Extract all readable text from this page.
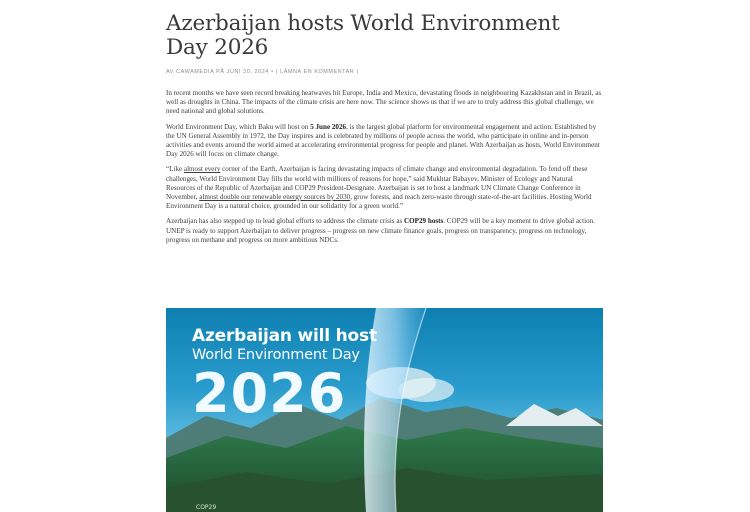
Azerbaijan hosts World Environment Day 2026
AV CAWAMEDIA PÅ JUNI 30, 2024 • ( LÄMNA EN KOMMENTAR )

In recent months we have seen record breaking heatwaves hit Europe, India and Mexico, devastating floods in neighbouring Kazakhstan and in Brazil, as well as droughts in China. The impacts of the climate crisis are here now. The science shows us that if we are to truly address this global challenge, we need national and global solutions.

World Environment Day, which Baku will host on 5 June 2026, is the largest global platform for environmental engagement and action. Established by the UN General Assembly in 1972, the Day inspires and is celebrated by millions of people across the world, who participate in online and in-person activities and events around the world aimed at accelerating environmental progress for people and planet. With Azerbaijan as hosts, World Environment Day 2026 will focus on climate change.

“Like almost every corner of the Earth, Azerbaijan is facing devastating impacts of climate change and environmental degradation. To fend off these challenges, World Environment Day fills the world with millions of reasons for hope,” said Mukhtar Babayev, Minister of Ecology and Natural Resources of the Republic of Azerbaijan and COP29 President-Designate. Azerbaijan is set to host a landmark UN Climate Change Conference in November, almost double our renewable energy sources by 2030, grow forests, and reach zero-waste through state-of-the-art facilities. Hosting World Environment Day is a natural choice, grounded in our solidarity for a green world.”

Azerbaijan has also stepped up to lead global efforts to address the climate crisis as COP29 hosts. COP29 will be a key moment to drive global action. UNEP is ready to support Azerbaijan to deliver progress – progress on new climate finance goals, progress on transparency, progress on technology, progress on methane and progress on more ambitious NDCs.

Azerbaijan will host
World Environment Day
2026
COP29
